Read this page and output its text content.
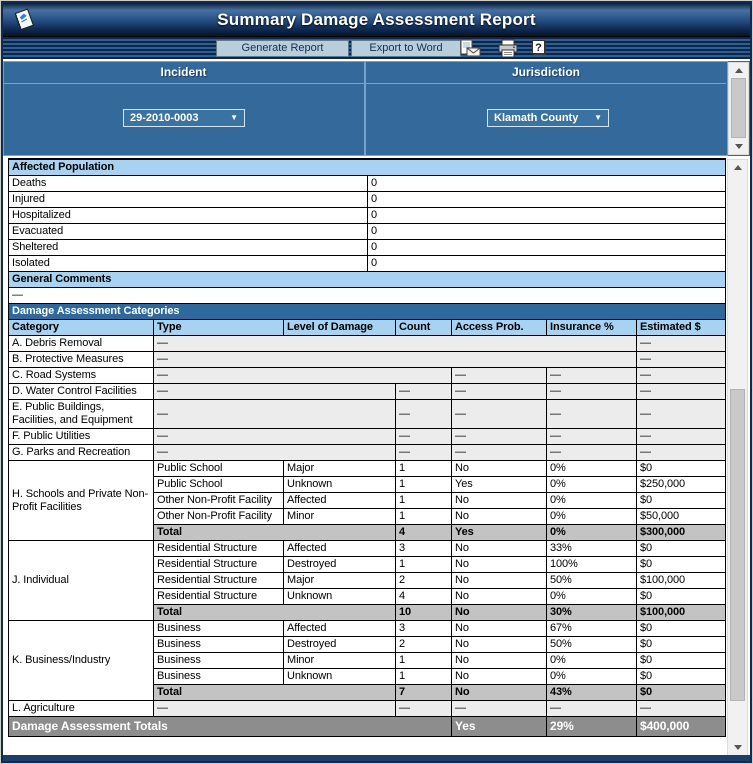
Summary Damage Assessment Report
Generate Report	Export to Word	?
Incident	Jurisdiction
29-2010-0003	▼	Klamath County ▼
Affected Population	
Deaths	0
Injured	0
Hospitalized	0
Evacuated	0
Sheltered	0
Isolated	0
General Comments	
—	
Damage Assessment Categories						
Category	Type	Level of Damage	Count	Access Prob.	Insurance %	Estimated $
A. Debris Removal	—					—
B. Protective Measures	—					—
C. Road Systems	—			—	—	—
D. Water Control Facilities	—		—	—	—	—
E. Public Buildings, Facilities, and Equipment	—		—	—	—	—
F. Public Utilities	—		—	—	—	—
G. Parks and Recreation	—		—	—	—	—
H. Schools and Private Non-Profit Facilities	Public School	Major	1	No	0%	$0
	Public School	Unknown	1	Yes	0%	$250,000
	Other Non-Profit Facility	Affected	1	No	0%	$0
	Other Non-Profit Facility	Minor	1	No	0%	$50,000
	Total		4	Yes	0%	$300,000
J. Individual	Residential Structure	Affected	3	No	33%	$0
	Residential Structure	Destroyed	1	No	100%	$0
	Residential Structure	Major	2	No	50%	$100,000
	Residential Structure	Unknown	4	No	0%	$0
	Total		10	No	30%	$100,000
K. Business/Industry	Business	Affected	3	No	67%	$0
	Business	Destroyed	2	No	50%	$0
	Business	Minor	1	No	0%	$0
	Business	Unknown	1	No	0%	$0
	Total		7	No	43%	$0
L. Agriculture	—		—	—	—	—
Damage Assessment Totals				Yes	29%	$400,000
